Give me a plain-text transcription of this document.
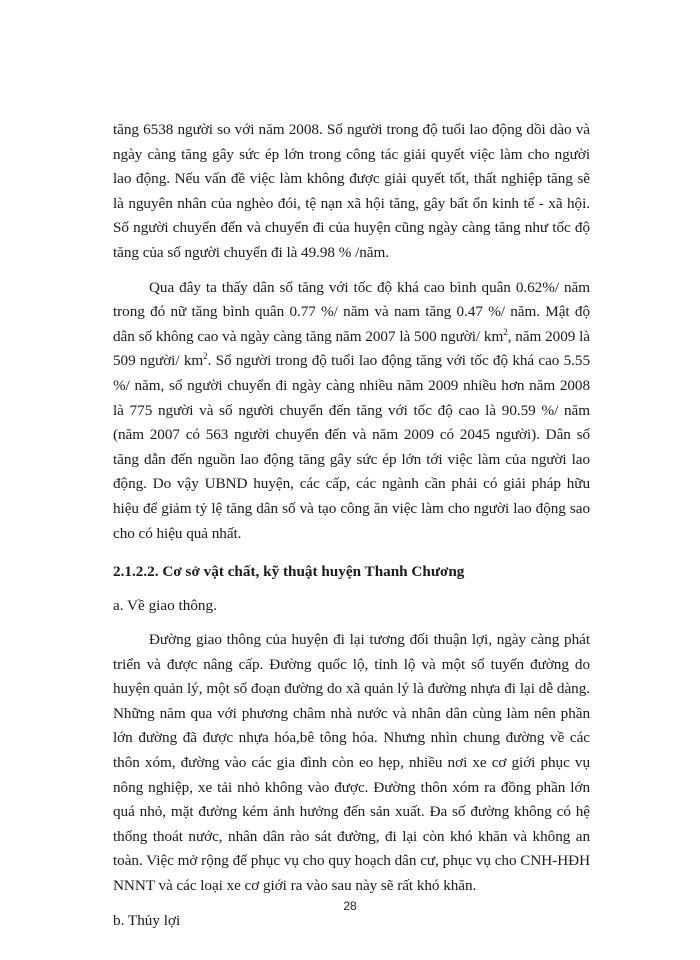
tăng 6538 người so với năm 2008. Số người trong độ tuổi lao động dồi dào và ngày càng tăng gây sức ép lớn trong công tác giải quyết việc làm cho người lao động. Nếu vấn đề việc làm không được giải quyết tốt, thất nghiệp tăng sẽ là nguyên nhân của nghèo đói, tệ nạn xã hội tăng, gây bất ổn kinh tế - xã hội. Số người chuyển đến và chuyển đi của huyện cũng ngày càng tăng như tốc độ tăng của số người chuyển đi là 49.98 % /năm.

Qua đây ta thấy dân số tăng với tốc độ khá cao bình quân 0.62%/ năm trong đó nữ tăng bình quân 0.77 %/ năm và nam tăng 0.47 %/ năm. Mật độ dân số không cao và ngày càng tăng năm 2007 là 500 người/ $km^2$, năm 2009 là 509 người/ $km^2$. Số người trong độ tuổi lao động tăng với tốc độ khá cao 5.55 %/ năm, số người chuyển đi ngày càng nhiều năm 2009 nhiều hơn năm 2008 là 775 người và số người chuyển đến tăng với tốc độ cao là 90.59 %/ năm (năm 2007 có 563 người chuyển đến và năm 2009 có 2045 người). Dân số tăng dẫn đến nguồn lao động tăng gây sức ép lớn tới việc làm của người lao động. Do vậy UBND huyện, các cấp, các ngành cần phải có giải pháp hữu hiệu để giảm tỷ lệ tăng dân số và tạo công ăn việc làm cho người lao động sao cho có hiệu quả nhất.

2.1.2.2. Cơ sở vật chất, kỹ thuật huyện Thanh Chương
a. Về giao thông.

Đường giao thông của huyện đi lại tương đối thuận lợi, ngày càng phát triển và được nâng cấp. Đường quốc lộ, tỉnh lộ và một số tuyến đường do huyện quản lý, một số đoạn đường do xã quản lý là đường nhựa đi lại dễ dàng. Những năm qua với phương châm nhà nước và nhân dân cùng làm nên phần lớn đường đã được nhựa hóa,bê tông hóa. Nhưng nhìn chung đường về các thôn xóm, đường vào các gia đình còn eo hẹp, nhiều nơi xe cơ giới phục vụ nông nghiệp, xe tải nhỏ không vào được. Đường thôn xóm ra đồng phần lớn quá nhỏ, mặt đường kém ảnh hưởng đến sản xuất. Đa số đường không có hệ thống thoát nước, nhân dân rào sát đường, đi lại còn khó khăn và không an toàn. Việc mở rộng để phục vụ cho quy hoạch dân cư, phục vụ cho CNH-HĐH NNNT và các loại xe cơ giới ra vào sau này sẽ rất khó khăn.

b. Thủy lợi
28
